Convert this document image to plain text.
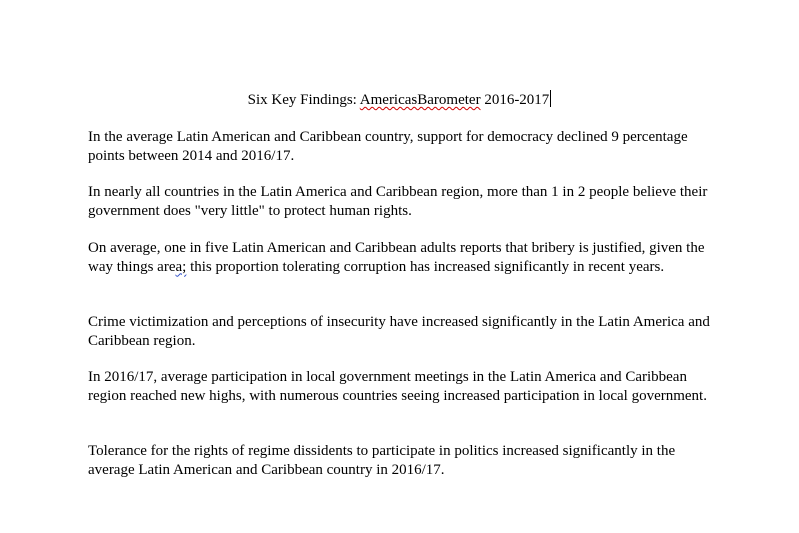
Six Key Findings: AmericasBarometer 2016-2017

In the average Latin American and Caribbean country, support for democracy declined 9 percentage points between 2014 and 2016/17.

In nearly all countries in the Latin America and Caribbean region, more than 1 in 2 people believe their government does "very little" to protect human rights.

On average, one in five Latin American and Caribbean adults reports that bribery is justified, given the way things area; this proportion tolerating corruption has increased significantly in recent years.

Crime victimization and perceptions of insecurity have increased significantly in the Latin America and Caribbean region.

In 2016/17, average participation in local government meetings in the Latin America and Caribbean region reached new highs, with numerous countries seeing increased participation in local government.

Tolerance for the rights of regime dissidents to participate in politics increased significantly in the average Latin American and Caribbean country in 2016/17.
